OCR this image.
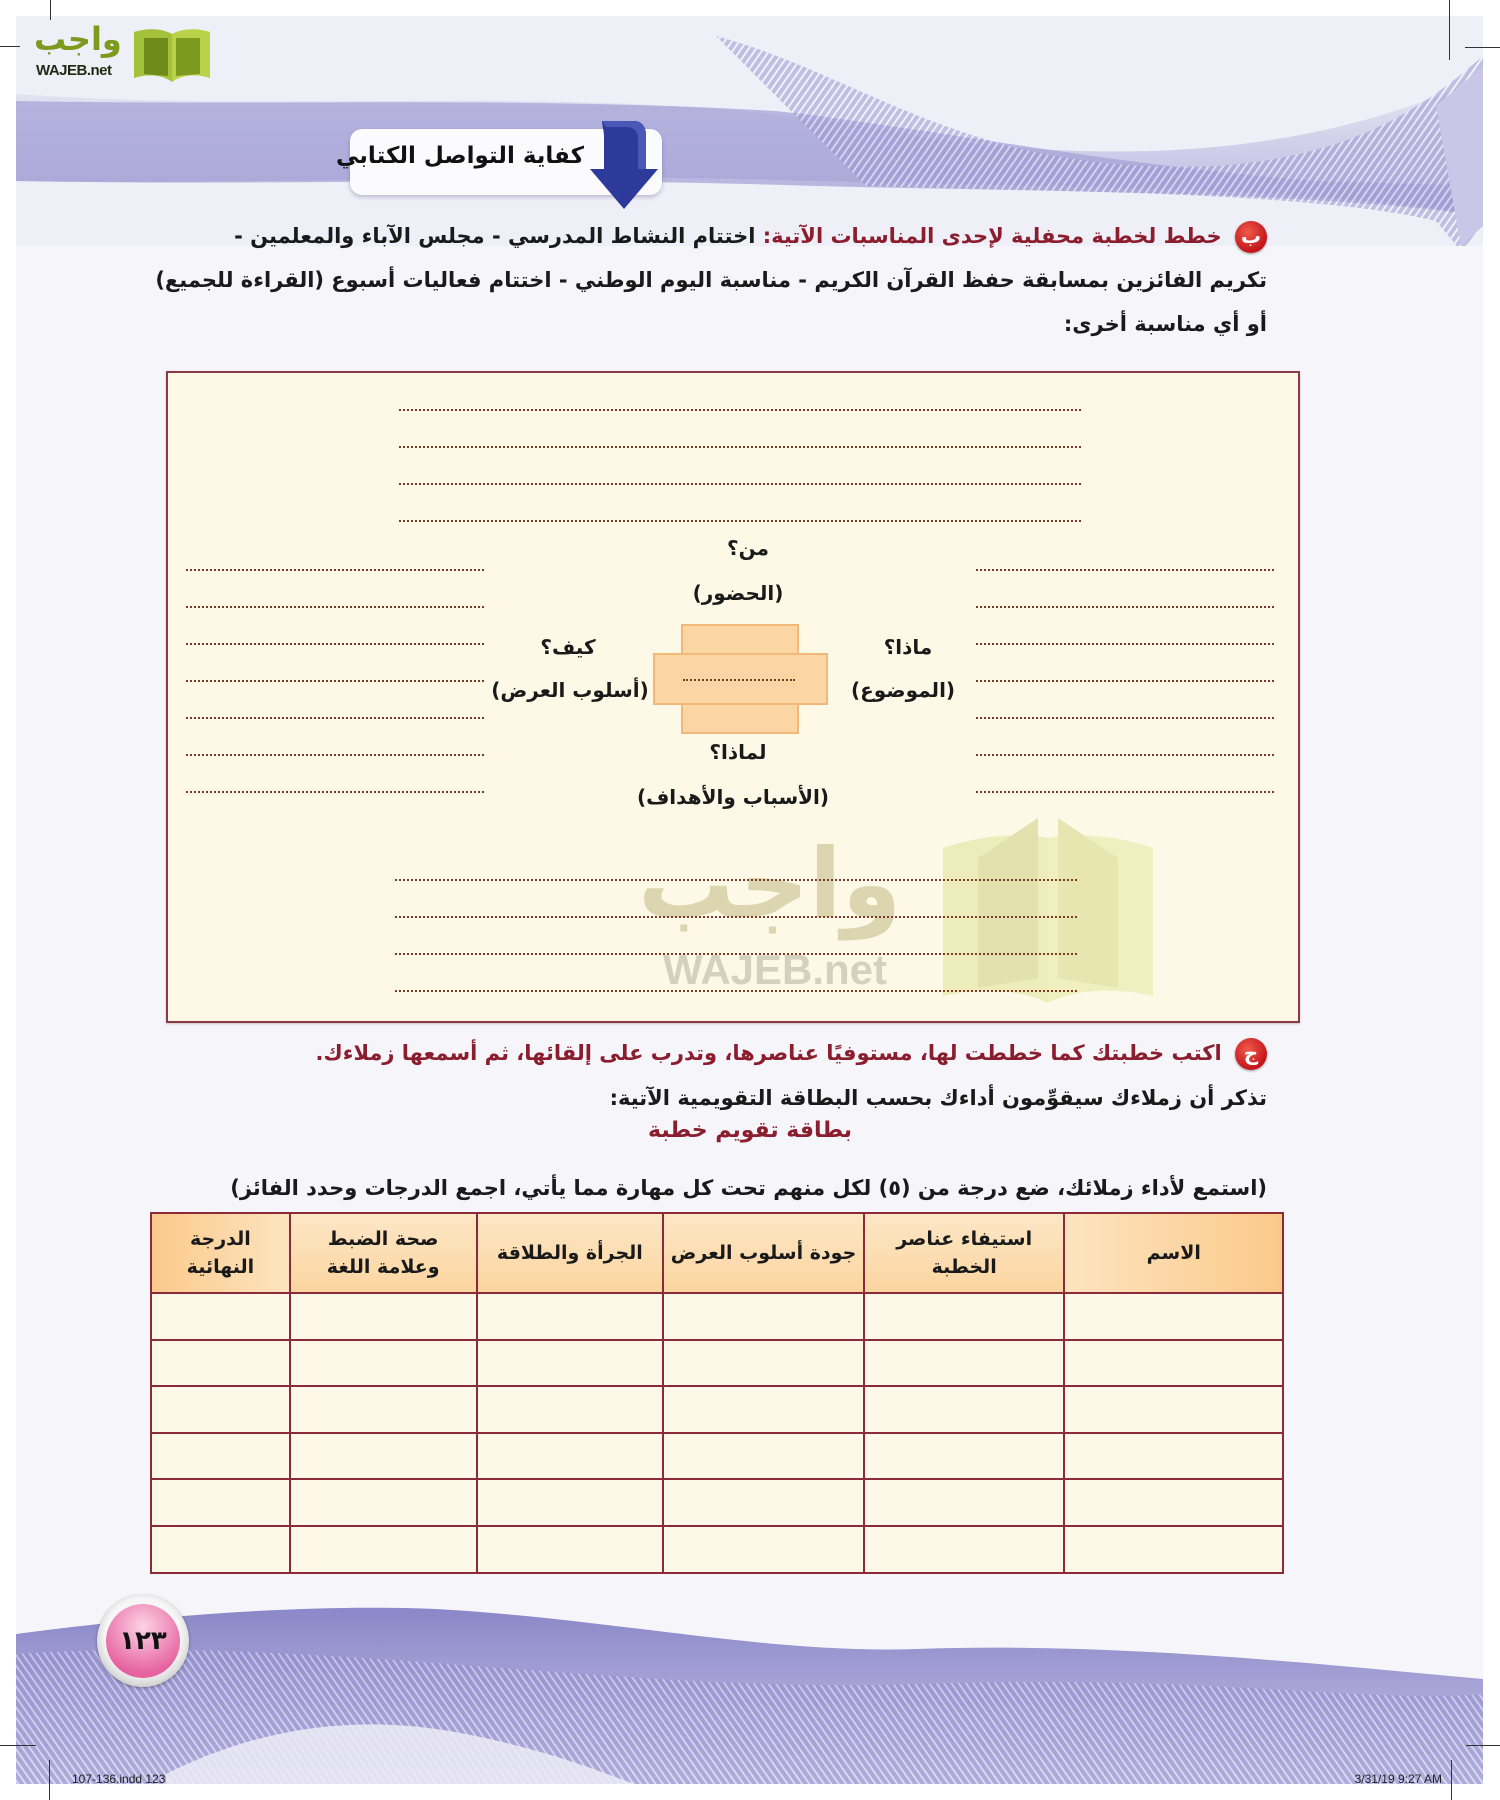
واجب
WAJEB.net
كفاية التواصل الكتابي
ب خطط لخطبة محفلية لإحدى المناسبات الآتية: اختتام النشاط المدرسي - مجلس الآباء والمعلمين -
تكريم الفائزين بمسابقة حفظ القرآن الكريم - مناسبة اليوم الوطني - اختتام فعاليات أسبوع (القراءة للجميع)
أو أي مناسبة أخرى:
واجب
WAJEB.net
من؟
(الحضور)
ماذا؟
(الموضوع)
كيف؟
(أسلوب العرض)
لماذا؟
(الأسباب والأهداف)
ج اكتب خطبتك كما خططت لها، مستوفيًا عناصرها، وتدرب على إلقائها، ثم أسمعها زملاءك.
تذكر أن زملاءك سيقوِّمون أداءك بحسب البطاقة التقويمية الآتية:
بطاقة تقويم خطبة
(استمع لأداء زملائك، ضع درجة من (٥) لكل منهم تحت كل مهارة مما يأتي، اجمع الدرجات وحدد الفائز)
١٢٣
الاسم	استيفاء عناصر الخطبة	جودة أسلوب العرض	الجرأة والطلاقة	صحة الضبط وعلامة اللغة	الدرجة النهائية

107-136.indd 123	3/31/19 9:27 AM
